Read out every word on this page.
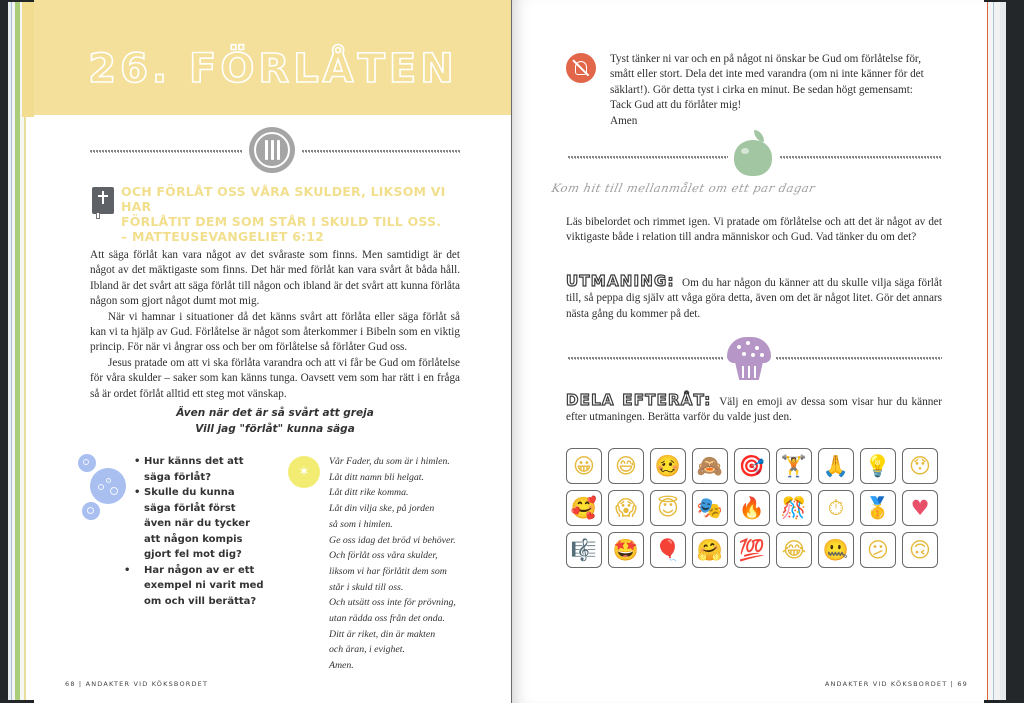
26. FÖRLÅTEN
OCH FÖRLÅT OSS VÅRA SKULDER, LIKSOM VI HAR
FÖRLÅTIT DEM SOM STÅR I SKULD TILL OSS.
– MATTEUSEVANGELIET 6:12

Att säga förlåt kan vara något av det svåraste som finns. Men samtidigt är det något av det mäktigaste som finns. Det här med förlåt kan vara svårt åt båda håll. Ibland är det svårt att säga förlåt till någon och ibland är det svårt att kunna förlåta någon som gjort något dumt mot mig.

När vi hamnar i situationer då det känns svårt att förlåta eller säga förlåt så kan vi ta hjälp av Gud. Förlåtelse är något som återkommer i Bibeln som en viktig princip. För när vi ångrar oss och ber om förlåtelse så förlåter Gud oss.

Jesus pratade om att vi ska förlåta varandra och att vi får be Gud om förlåtelse för våra skulder – saker som kan känns tunga. Oavsett vem som har rätt i en fråga så är ordet förlåt alltid ett steg mot vänskap.

Även när det är så svårt att greja
Vill jag "förlåt" kunna säga
• Hur känns det att säga förlåt?
• Skulle du kunna säga förlåt först även när du tycker att någon kompis gjort fel mot dig?
• Har någon av er ett exempel ni varit med om och vill berätta?
✶
Vår Fader, du som är i himlen.
Låt ditt namn bli helgat.
Låt ditt rike komma.
Låt din vilja ske, på jorden
så som i himlen.
Ge oss idag det bröd vi behöver.
Och förlåt oss våra skulder,
liksom vi har förlåtit dem som
står i skuld till oss.
Och utsätt oss inte för prövning,
utan rädda oss från det onda.
Ditt är riket, din är makten
och äran, i evighet.
Amen.
68 | ANDAKTER VID KÖKSBORDET

Tyst tänker ni var och en på något ni önskar be Gud om förlåtelse för, smått eller stort. Dela det inte med varandra (om ni inte känner för det säklart!). Gör detta tyst i cirka en minut. Be sedan högt gemensamt:

Tack Gud att du förlåter mig!

Amen

Kom hit till mellanmålet om ett par dagar

Läs bibelordet och rimmet igen. Vi pratade om förlåtelse och att det är något av det viktigaste både i relation till andra människor och Gud. Vad tänker du om det?

UTMANING: Om du har någon du känner att du skulle vilja säga förlåt till, så peppa dig själv att våga göra detta, även om det är något litet. Gör det annars nästa gång du kommer på det.
DELA EFTERÅT: Välj en emoji av dessa som visar hur du känner efter utmaningen. Berätta varför du valde just den.
😀 😅 🥴 🙈 🎯 🏋 🙏 💡 😯
🥰 😱 😇 🎭 🔥 🎊 ⏱ 🥇 ♥
🎼 🤩 🎈 🤗 💯 😂 🤐 😕 🙃
ANDAKTER VID KÖKSBORDET | 69
